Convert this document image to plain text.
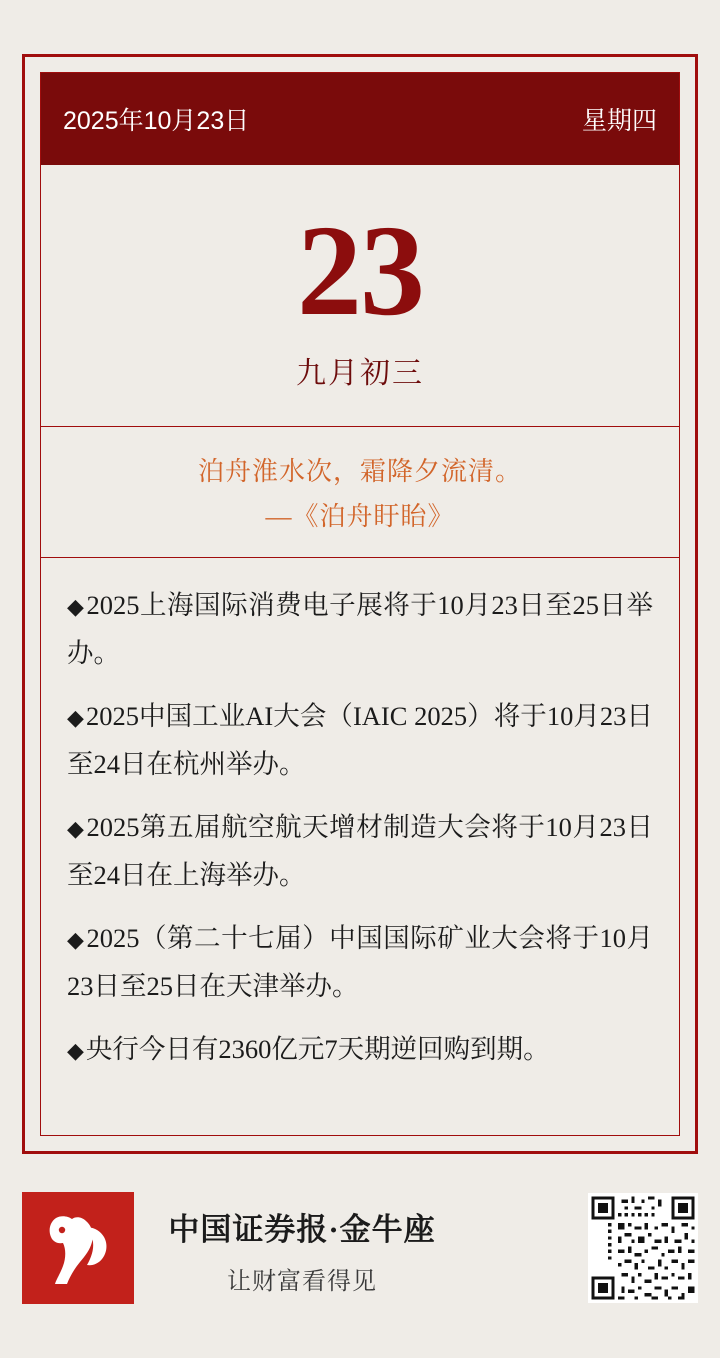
2025年10月23日	星期四
23
九月初三
泊舟淮水次，霜降夕流清。
—《泊舟盱眙》
◆2025上海国际消费电子展将于10月23日至25日举办。
◆2025中国工业AI大会（IAIC 2025）将于10月23日至24日在杭州举办。
◆2025第五届航空航天增材制造大会将于10月23日至24日在上海举办。
◆2025（第二十七届）中国国际矿业大会将于10月23日至25日在天津举办。
◆央行今日有2360亿元7天期逆回购到期。
中国证券报·金牛座
让财富看得见
